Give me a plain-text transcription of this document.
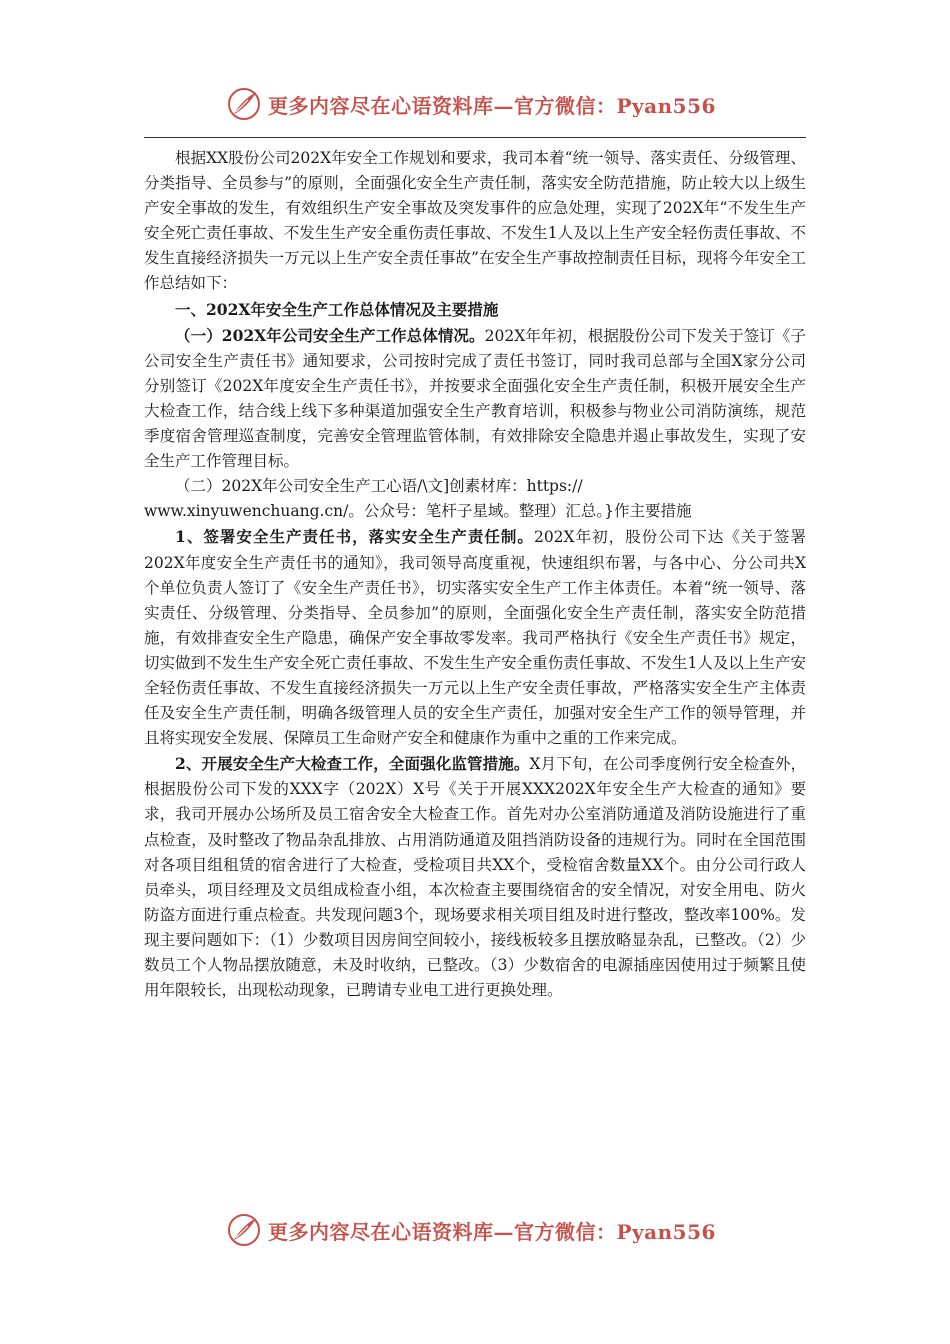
更多内容尽在心语资料库—官方微信：Pyan556

根据XX股份公司202X年安全工作规划和要求，我司本着“统一领导、落实责任、分级管理、分类指导、全员参与”的原则，全面强化安全生产责任制，落实安全防范措施，防止较大以上级生产安全事故的发生，有效组织生产安全事故及突发事件的应急处理，实现了202X年“不发生生产安全死亡责任事故、不发生生产安全重伤责任事故、不发生1人及以上生产安全轻伤责任事故、不发生直接经济损失一万元以上生产安全责任事故”在安全生产事故控制责任目标，现将今年安全工作总结如下：

一、202X年安全生产工作总体情况及主要措施

（一）202X年公司安全生产工作总体情况。202X年年初，根据股份公司下发关于签订《子公司安全生产责任书》通知要求，公司按时完成了责任书签订，同时我司总部与全国X家分公司分别签订《202X年度安全生产责任书》，并按要求全面强化安全生产责任制，积极开展安全生产大检查工作，结合线上线下多种渠道加强安全生产教育培训，积极参与物业公司消防演练，规范季度宿舍管理巡查制度，完善安全管理监管体制，有效排除安全隐患并遏止事故发生，实现了安全生产工作管理目标。

（二）202X年公司安全生产工心语/\文]创素材库：https://

www.xinyuwenchuang.cn/。公众号：笔杆子星域。整理）汇总。}作主要措施

1、签署安全生产责任书，落实安全生产责任制。202X年初，股份公司下达《关于签署202X年度安全生产责任书的通知》，我司领导高度重视，快速组织布署，与各中心、分公司共X个单位负责人签订了《安全生产责任书》，切实落实安全生产工作主体责任。本着“统一领导、落实责任、分级管理、分类指导、全员参加”的原则，全面强化安全生产责任制，落实安全防范措施，有效排查安全生产隐患，确保产安全事故零发率。我司严格执行《安全生产责任书》规定，切实做到不发生生产安全死亡责任事故、不发生生产安全重伤责任事故、不发生1人及以上生产安全轻伤责任事故、不发生直接经济损失一万元以上生产安全责任事故，严格落实安全生产主体责任及安全生产责任制，明确各级管理人员的安全生产责任，加强对安全生产工作的领导管理，并且将实现安全发展、保障员工生命财产安全和健康作为重中之重的工作来完成。

2、开展安全生产大检查工作，全面强化监管措施。X月下旬，在公司季度例行安全检查外，根据股份公司下发的XXX字（202X）X号《关于开展XXX202X年安全生产大检查的通知》要求，我司开展办公场所及员工宿舍安全大检查工作。首先对办公室消防通道及消防设施进行了重点检查，及时整改了物品杂乱排放、占用消防通道及阻挡消防设备的违规行为。同时在全国范围对各项目组租赁的宿舍进行了大检查，受检项目共XX个，受检宿舍数量XX个。由分公司行政人员牵头，项目经理及文员组成检查小组，本次检查主要围绕宿舍的安全情况，对安全用电、防火防盗方面进行重点检查。共发现问题3个，现场要求相关项目组及时进行整改，整改率100%。发现主要问题如下：（1）少数项目因房间空间较小，接线板较多且摆放略显杂乱，已整改。（2）少数员工个人物品摆放随意，未及时收纳，已整改。（3）少数宿舍的电源插座因使用过于频繁且使用年限较长，出现松动现象，已聘请专业电工进行更换处理。

更多内容尽在心语资料库—官方微信：Pyan556
